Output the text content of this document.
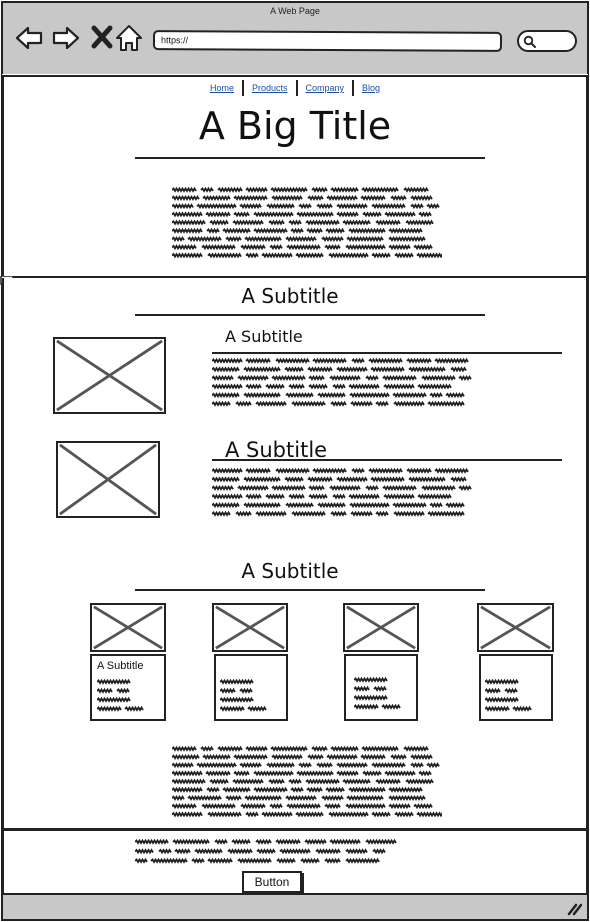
A Web Page
https://
Home Products Company Blog
A Big Title
A Subtitle
A Subtitle
A Subtitle
A Subtitle
A Subtitle
Button
